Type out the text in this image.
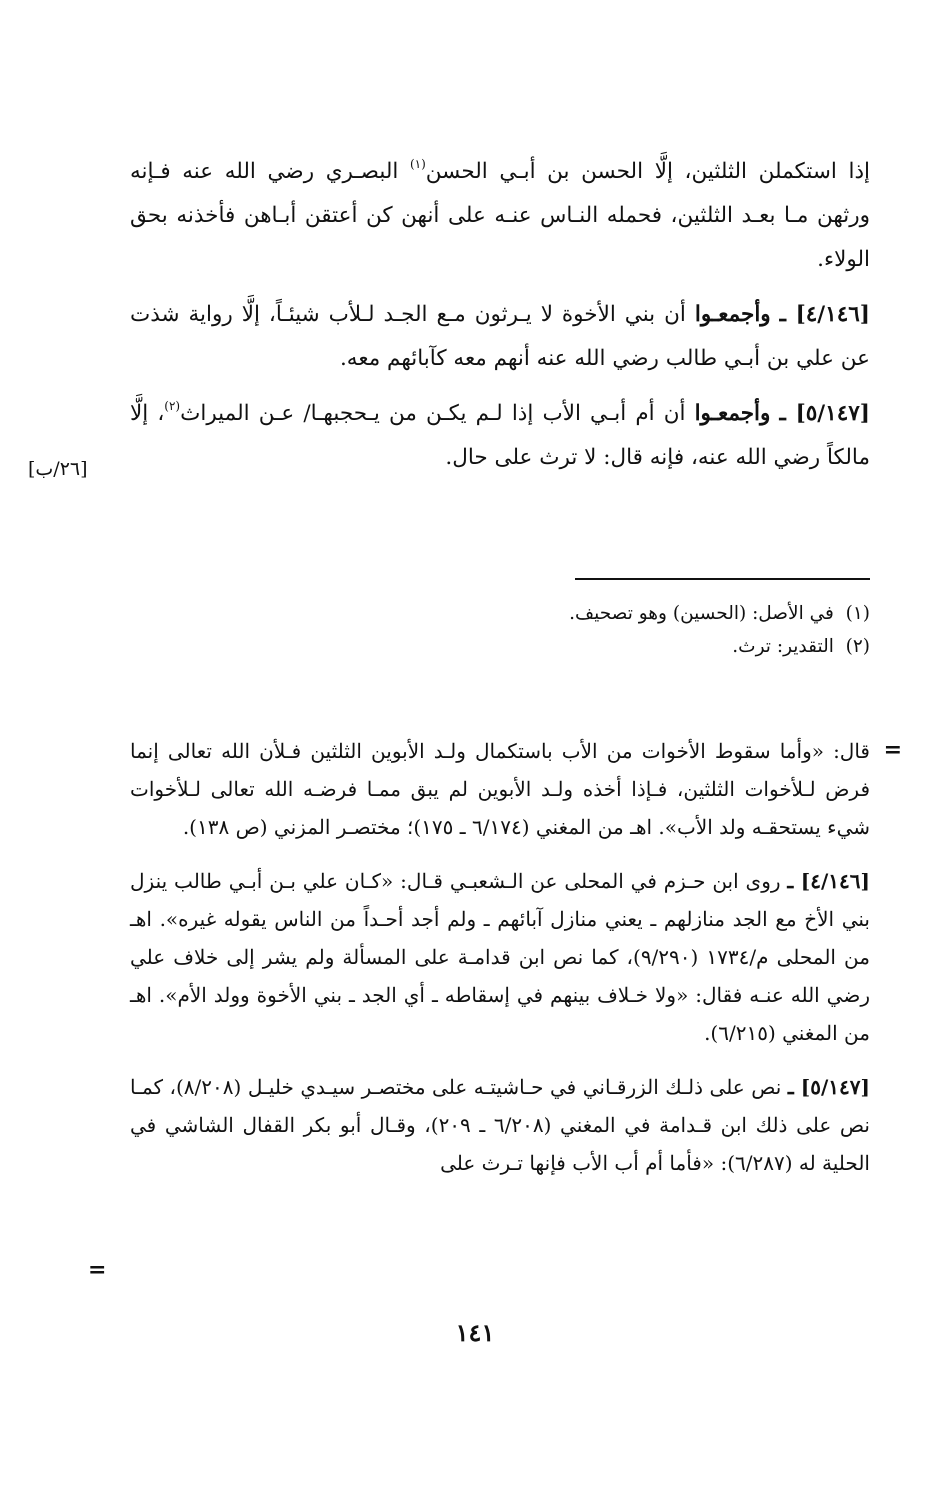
إذا استكملن الثلثين، إلَّا الحسن بن أبـي الحسن$^{(١)}$ البصـري رضي الله عنه فـإنه ورثهن مـا بعـد الثلثين، فحمله النـاس عنـه على أنهن كن أعتقن أبـاهن فأخذنه بحق الولاء.

[٤/١٤٦] ـ وأجمعـوا أن بني الأخوة لا يـرثون مـع الجـد لـلأب شيئـاً، إلَّا رواية شذت عن علي بن أبـي طالب رضي الله عنه أنهم معه كآبائهم معه.

[٥/١٤٧] ـ وأجمعـوا أن أم أبـي الأب إذا لـم يكـن من يـحجبهـا/ عـن الميراث$^{(٢)}$، إلَّا مالكاً رضي الله عنه، فإنه قال: لا ترث على حال.

[٢٦/ب]
(١)  في الأصل: (الحسين) وهو تصحيف.
(٢)  التقدير: ترث.
=

قال: «وأما سقوط الأخوات من الأب باستكمال ولـد الأبوين الثلثين فـلأن الله تعالى إنما فرض لـلأخوات الثلثين، فـإذا أخذه ولـد الأبوين لم يبق ممـا فرضـه الله تعالى لـلأخوات شيء يستحقـه ولد الأب». اهـ من المغني (٦/١٧٤ ـ ١٧٥)؛ مختصـر المزني (ص ١٣٨).

[٤/١٤٦] ـ روى ابن حـزم في المحلى عن الـشعبـي قـال: «كـان علي بـن أبـي طالب ينزل بني الأخ مع الجد منازلهم ـ يعني منازل آبائهم ـ ولم أجد أحـداً من الناس يقوله غيره». اهـ من المحلى م/١٧٣٤ (٩/٢٩٠)، كما نص ابن قدامـة على المسألة ولم يشر إلى خلاف علي رضي الله عنـه فقال: «ولا خـلاف بينهم في إسقاطه ـ أي الجد ـ بني الأخوة وولد الأم». اهـ من المغني (٦/٢١٥).

[٥/١٤٧] ـ نص على ذلـك الزرقـاني في حـاشيتـه على مختصـر سيـدي خليـل (٨/٢٠٨)، كمـا نص على ذلك ابن قـدامة في المغني (٦/٢٠٨ ـ ٢٠٩)، وقـال أبو بكر القفال الشاشي في الحلية له (٦/٢٨٧): «فأما أم أب الأب فإنها تـرث على

=
١٤١
